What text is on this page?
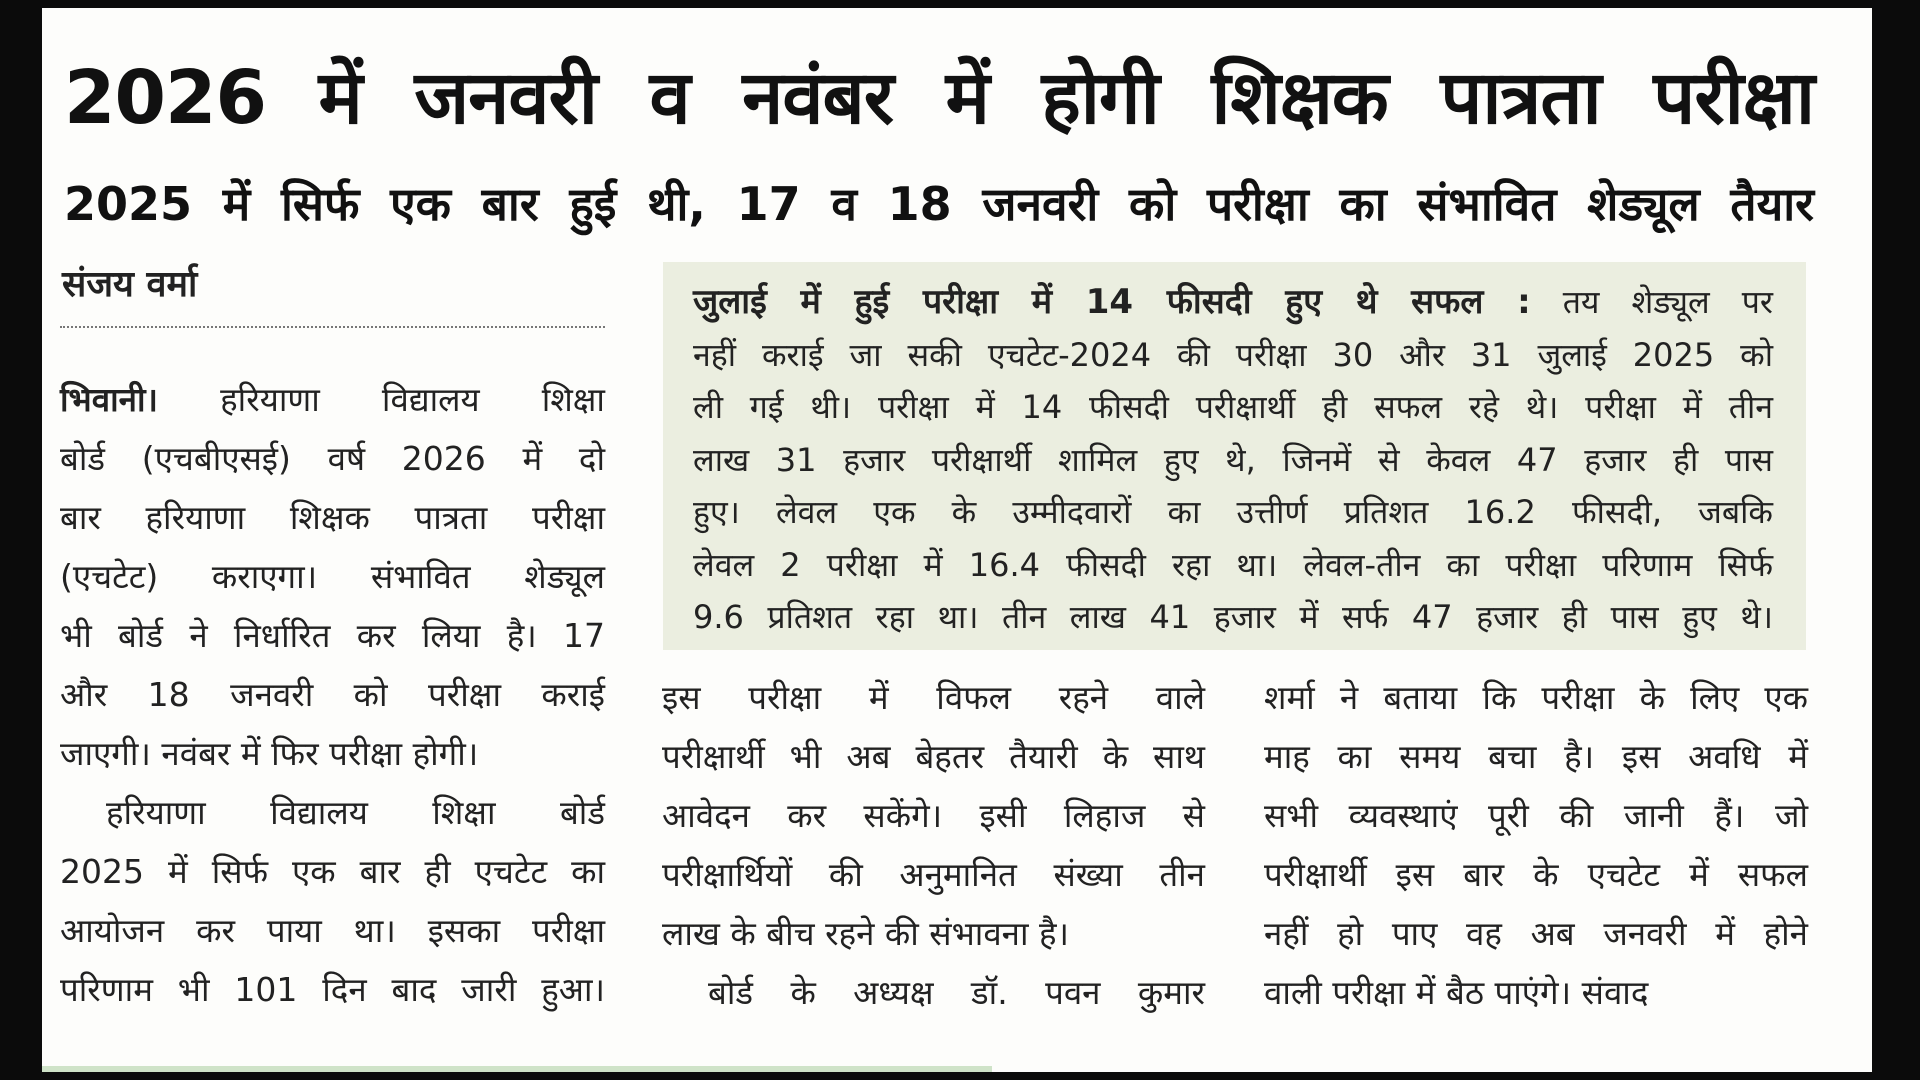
2026 में जनवरी व नवंबर में होगी शिक्षक पात्रता परीक्षा
2025 में सिर्फ एक बार हुई थी, 17 व 18 जनवरी को परीक्षा का संभावित शेड्यूल तैयार
संजय वर्मा
भिवानी। हरियाणा विद्यालय शिक्षा
बोर्ड (एचबीएसई) वर्ष 2026 में दो
बार हरियाणा शिक्षक पात्रता परीक्षा
(एचटेट) कराएगा। संभावित शेड्यूल
भी बोर्ड ने निर्धारित कर लिया है। 17
और 18 जनवरी को परीक्षा कराई
जाएगी। नवंबर में फिर परीक्षा होगी।
हरियाणा विद्यालय शिक्षा बोर्ड
2025 में सिर्फ एक बार ही एचटेट का
आयोजन कर पाया था। इसका परीक्षा
परिणाम भी 101 दिन बाद जारी हुआ।
जुलाई में हुई परीक्षा में 14 फीसदी हुए थे सफल : तय शेड्यूल पर
नहीं कराई जा सकी एचटेट-2024 की परीक्षा 30 और 31 जुलाई 2025 को
ली गई थी। परीक्षा में 14 फीसदी परीक्षार्थी ही सफल रहे थे। परीक्षा में तीन
लाख 31 हजार परीक्षार्थी शामिल हुए थे, जिनमें से केवल 47 हजार ही पास
हुए। लेवल एक के उम्मीदवारों का उत्तीर्ण प्रतिशत 16.2 फीसदी, जबकि
लेवल 2 परीक्षा में 16.4 फीसदी रहा था। लेवल-तीन का परीक्षा परिणाम सिर्फ
9.6 प्रतिशत रहा था। तीन लाख 41 हजार में सर्फ 47 हजार ही पास हुए थे।
इस परीक्षा में विफल रहने वाले
परीक्षार्थी भी अब बेहतर तैयारी के साथ
आवेदन कर सकेंगे। इसी लिहाज से
परीक्षार्थियों की अनुमानित संख्या तीन
लाख के बीच रहने की संभावना है।
बोर्ड के अध्यक्ष डॉ. पवन कुमार
शर्मा ने बताया कि परीक्षा के लिए एक
माह का समय बचा है। इस अवधि में
सभी व्यवस्थाएं पूरी की जानी हैं। जो
परीक्षार्थी इस बार के एचटेट में सफल
नहीं हो पाए वह अब जनवरी में होने
वाली परीक्षा में बैठ पाएंगे। संवाद
